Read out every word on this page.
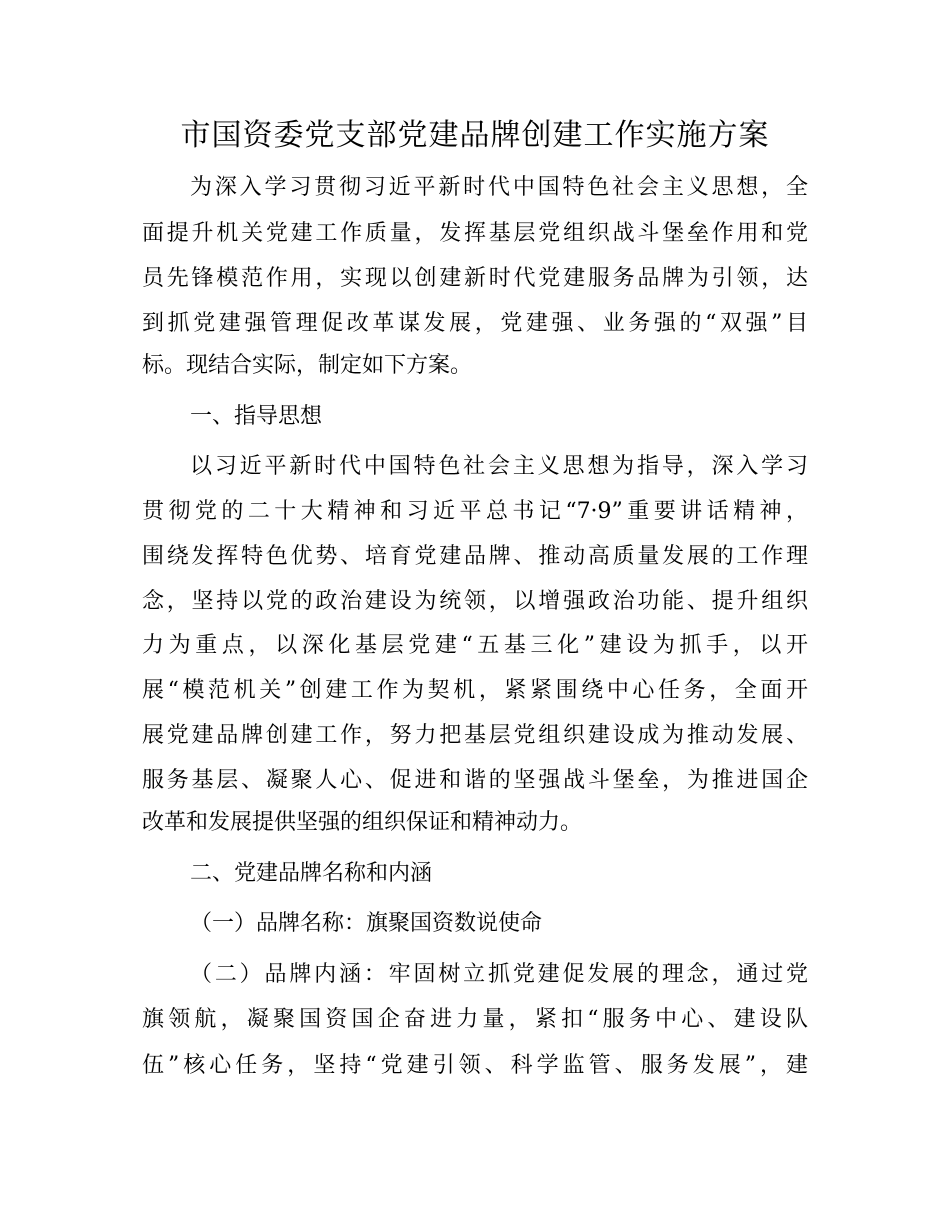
市国资委党支部党建品牌创建工作实施方案

为深入学习贯彻习近平新时代中国特色社会主义思想，全

面提升机关党建工作质量，发挥基层党组织战斗堡垒作用和党

员先锋模范作用，实现以创建新时代党建服务品牌为引领，达

到抓党建强管理促改革谋发展，党建强、业务强的“双强”目

标。现结合实际，制定如下方案。

一、指导思想

以习近平新时代中国特色社会主义思想为指导，深入学习

贯彻党的二十大精神和习近平总书记“7·9”重要讲话精神，

围绕发挥特色优势、培育党建品牌、推动高质量发展的工作理

念，坚持以党的政治建设为统领，以增强政治功能、提升组织

力为重点，以深化基层党建“五基三化”建设为抓手，以开

展“模范机关”创建工作为契机，紧紧围绕中心任务，全面开

展党建品牌创建工作，努力把基层党组织建设成为推动发展、

服务基层、凝聚人心、促进和谐的坚强战斗堡垒，为推进国企

改革和发展提供坚强的组织保证和精神动力。

二、党建品牌名称和内涵

（一）品牌名称：旗聚国资数说使命

（二）品牌内涵：牢固树立抓党建促发展的理念，通过党

旗领航，凝聚国资国企奋进力量，紧扣“服务中心、建设队

伍”核心任务，坚持“党建引领、科学监管、服务发展”，建
